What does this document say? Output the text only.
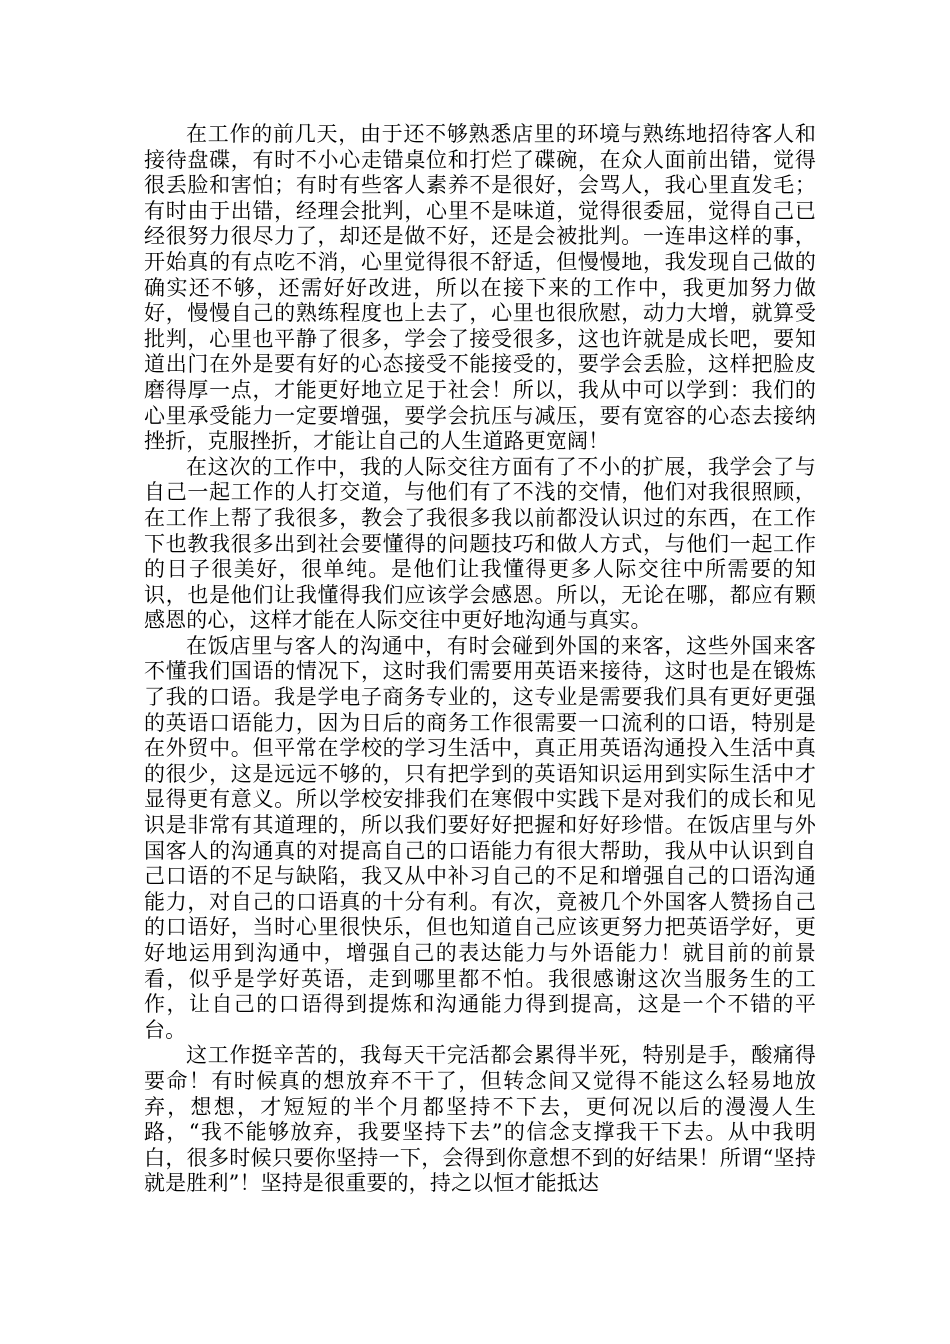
在工作的前几天，由于还不够熟悉店里的环境与熟练地招待客人和接待盘碟，有时不小心走错桌位和打烂了碟碗，在众人面前出错，觉得很丢脸和害怕；有时有些客人素养不是很好，会骂人，我心里直发毛；有时由于出错，经理会批判，心里不是味道，觉得很委屈，觉得自己已经很努力很尽力了，却还是做不好，还是会被批判。一连串这样的事，开始真的有点吃不消，心里觉得很不舒适，但慢慢地，我发现自己做的确实还不够，还需好好改进，所以在接下来的工作中，我更加努力做好，慢慢自己的熟练程度也上去了，心里也很欣慰，动力大增，就算受批判，心里也平静了很多，学会了接受很多，这也许就是成长吧，要知道出门在外是要有好的心态接受不能接受的，要学会丢脸，这样把脸皮磨得厚一点，才能更好地立足于社会！所以，我从中可以学到：我们的心里承受能力一定要增强，要学会抗压与减压，要有宽容的心态去接纳挫折，克服挫折，才能让自己的人生道路更宽阔！

在这次的工作中，我的人际交往方面有了不小的扩展，我学会了与自己一起工作的人打交道，与他们有了不浅的交情，他们对我很照顾，在工作上帮了我很多，教会了我很多我以前都没认识过的东西，在工作下也教我很多出到社会要懂得的问题技巧和做人方式，与他们一起工作的日子很美好，很单纯。是他们让我懂得更多人际交往中所需要的知识，也是他们让我懂得我们应该学会感恩。所以，无论在哪，都应有颗感恩的心，这样才能在人际交往中更好地沟通与真实。

在饭店里与客人的沟通中，有时会碰到外国的来客，这些外国来客不懂我们国语的情况下，这时我们需要用英语来接待，这时也是在锻炼了我的口语。我是学电子商务专业的，这专业是需要我们具有更好更强的英语口语能力，因为日后的商务工作很需要一口流利的口语，特别是在外贸中。但平常在学校的学习生活中，真正用英语沟通投入生活中真的很少，这是远远不够的，只有把学到的英语知识运用到实际生活中才显得更有意义。所以学校安排我们在寒假中实践下是对我们的成长和见识是非常有其道理的，所以我们要好好把握和好好珍惜。在饭店里与外国客人的沟通真的对提高自己的口语能力有很大帮助，我从中认识到自己口语的不足与缺陷，我又从中补习自己的不足和增强自己的口语沟通能力，对自己的口语真的十分有利。有次，竟被几个外国客人赞扬自己的口语好，当时心里很快乐，但也知道自己应该更努力把英语学好，更好地运用到沟通中，增强自己的表达能力与外语能力！就目前的前景看，似乎是学好英语，走到哪里都不怕。我很感谢这次当服务生的工作，让自己的口语得到提炼和沟通能力得到提高，这是一个不错的平台。

这工作挺辛苦的，我每天干完活都会累得半死，特别是手，酸痛得要命！有时候真的想放弃不干了，但转念间又觉得不能这么轻易地放弃，想想，才短短的半个月都坚持不下去，更何况以后的漫漫人生路，“我不能够放弃，我要坚持下去”的信念支撑我干下去。从中我明白，很多时候只要你坚持一下，会得到你意想不到的好结果！所谓“坚持就是胜利”！坚持是很重要的，持之以恒才能抵达
